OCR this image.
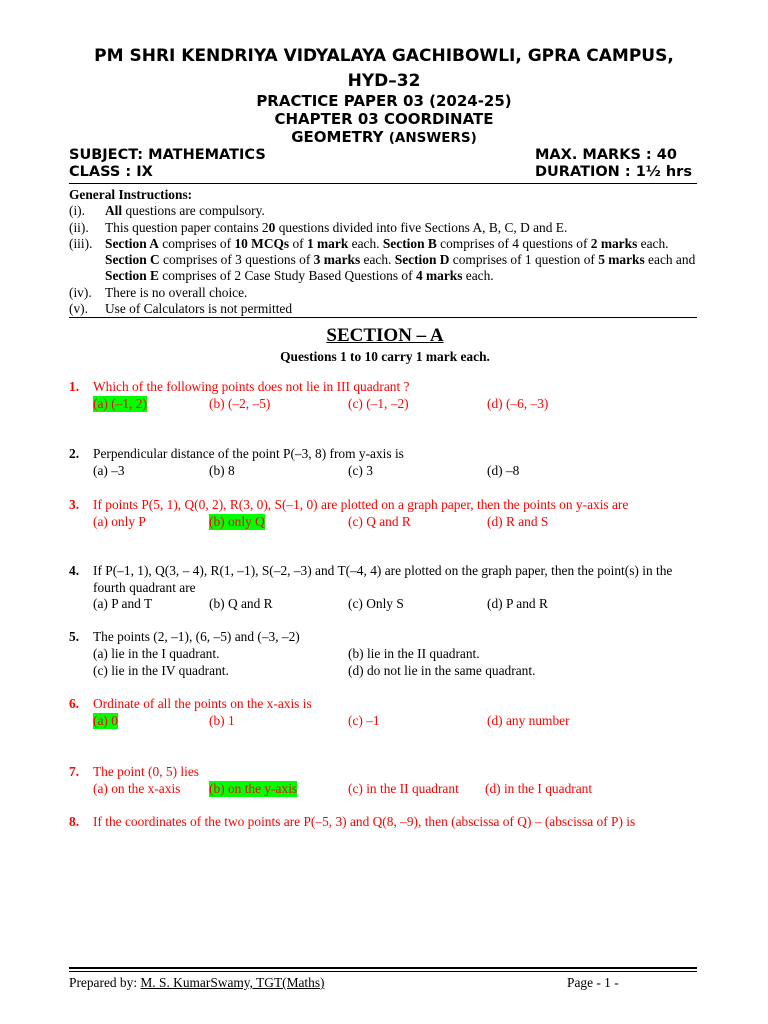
PM SHRI KENDRIYA VIDYALAYA GACHIBOWLI, GPRA CAMPUS,
HYD–32
PRACTICE PAPER 03 (2024-25)
CHAPTER 03 COORDINATE
GEOMETRY (ANSWERS)
SUBJECT: MATHEMATICS	MAX. MARKS : 40
CLASS : IX	DURATION : 1½ hrs
General Instructions:
(i).	All questions are compulsory.
(ii).	This question paper contains 20 questions divided into five Sections A, B, C, D and E.
(iii). Section A comprises of 10 MCQs of 1 mark each. Section B comprises of 4 questions of 2 marks each. Section C comprises of 3 questions of 3 marks each. Section D comprises of 1 question of 5 marks each and Section E comprises of 2 Case Study Based Questions of 4 marks each.
(iv). There is no overall choice.
(v).	Use of Calculators is not permitted
SECTION – A
Questions 1 to 10 carry 1 mark each.
1. Which of the following points does not lie in III quadrant ?
(a) (–1, 2)	(b) (–2, –5)	(c) (–1, –2)	(d) (–6, –3)
2. Perpendicular distance of the point P(–3, 8) from y-axis is
(a) –3	(b) 8	(c) 3	(d) –8
3. If points P(5, 1), Q(0, 2), R(3, 0), S(–1, 0) are plotted on a graph paper, then the points on y-axis are
(a) only P	(b) only Q	(c) Q and R	(d) R and S
4. If P(–1, 1), Q(3, – 4), R(1, –1), S(–2, –3) and T(–4, 4) are plotted on the graph paper, then the point(s) in the fourth quadrant are
(a) P and T	(b) Q and R	(c) Only S	(d) P and R
5. The points (2, –1), (6, –5) and (–3, –2)
(a) lie in the I quadrant.	(b) lie in the II quadrant.
(c) lie in the IV quadrant.	(d) do not lie in the same quadrant.
6. Ordinate of all the points on the x-axis is
(a) 0	(b) 1	(c) –1	(d) any number
7. The point (0, 5) lies
(a) on the x-axis (b) on the y-axis	(c) in the II quadrant (d) in the I quadrant
8. If the coordinates of the two points are P(–5, 3) and Q(8, –9), then (abscissa of Q) – (abscissa of P) is
Prepared by: M. S. KumarSwamy, TGT(Maths)	Page - 1 -
